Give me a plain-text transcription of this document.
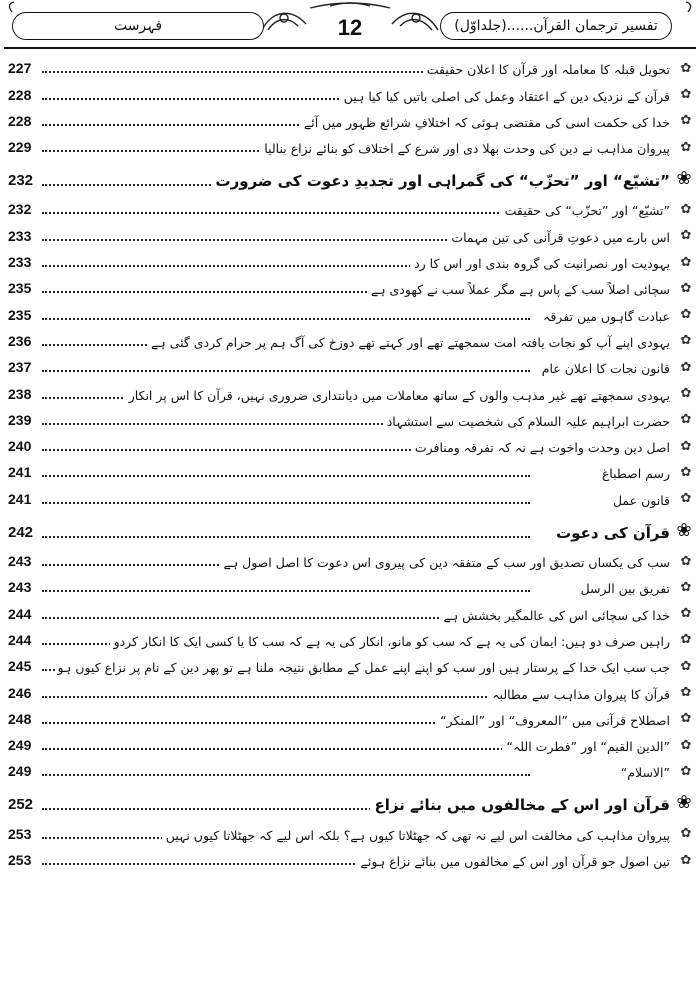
فہرست	12	تفسیر ترجمان القرآن......(جلداوّل)
227	تحویل قبلہ کا معاملہ اور قرآن کا اعلانِ حقیقت ✿
228	قرآن کے نزدیک دین کے اعتقاد وعمل کی اصلی باتیں کیا کیا ہیں ✿
228	خدا کی حکمت اسی کی مقتضی ہوئی کہ اختلافِ شرائع ظہور میں آئے ✿
229	پیروانِ مذاہب نے دین کی وحدت بھلا دی اور شرع کے اختلاف کو بنائے نزاع بنالیا ✿
232	”تشیّع“ اور ”تحزّب“ کی گمراہی اور تجدیدِ دعوت کی ضرورت ❀
232	”تشیّع“ اور ”تحزّب“ کی حقیقت ✿
233	اس بارے میں دعوتِ قرآنی کی تین مہمات ✿
233	یہودیت اور نصرانیت کی گروہ بندی اور اس کا رد ✿
235	سچائی اصلاً سب کے پاس ہے مگر عملاً سب نے کھودی ہے ✿
235	عبادت گاہوں میں تفرقہ ✿
236	یہودی اپنے آپ کو نجات یافتہ امت سمجھتے تھے اور کہتے تھے دوزخ کی آگ ہم پر حرام کردی گئی ہے ✿
237	قانونِ نجات کا اعلانِ عام ✿
238	یہودی سمجھتے تھے غیر مذہب والوں کے ساتھ معاملات میں دیانتداری ضروری نہیں، قرآن کا اس پر انکار ✿
239	حضرت ابراہیم علیہ السلام کی شخصیت سے استشہاد ✿
240	اصل دین وحدت واخوت ہے نہ کہ تفرقہ ومنافرت ✿
241	رسمِ اصطباغ ✿
241	قانونِ عمل ✿
242	قرآن کی دعوت ❀
243	سب کی یکساں تصدیق اور سب کے متفقہ دین کی پیروی اس دعوت کا اصل اصول ہے ✿
243	تفریق بین الرسل ✿
244	خدا کی سچائی اس کی عالمگیر بخشش ہے ✿
244	راہیں صرف دو ہیں: ایمان کی یہ ہے کہ سب کو مانو، انکار کی یہ ہے کہ سب کا یا کسی ایک کا انکار کردو ✿
245 جب سب ایک خدا کے پرستار ہیں اور سب کو اپنے اپنے عمل کے مطابق نتیجہ ملنا ہے تو پھر دین کے نام پر نزاع کیوں ہو ✿
246	قرآن کا پیروانِ مذاہب سے مطالبہ ✿
248	اصطلاحِ قرآنی میں ”المعروف“ اور ”المنکر“ ✿
249	”الدین القیم“ اور ”فطرت اللہ“ ✿
249	”الاسلام“ ✿
252	قرآن اور اس کے مخالفوں میں بنائے نزاع ❀
253	پیروانِ مذاہب کی مخالفت اس لیے نہ تھی کہ جھٹلاتا کیوں ہے؟ بلکہ اس لیے کہ جھٹلاتا کیوں نہیں ✿
253	تین اصول جو قرآن اور اس کے مخالفوں میں بنائے نزاع ہوئے ✿
